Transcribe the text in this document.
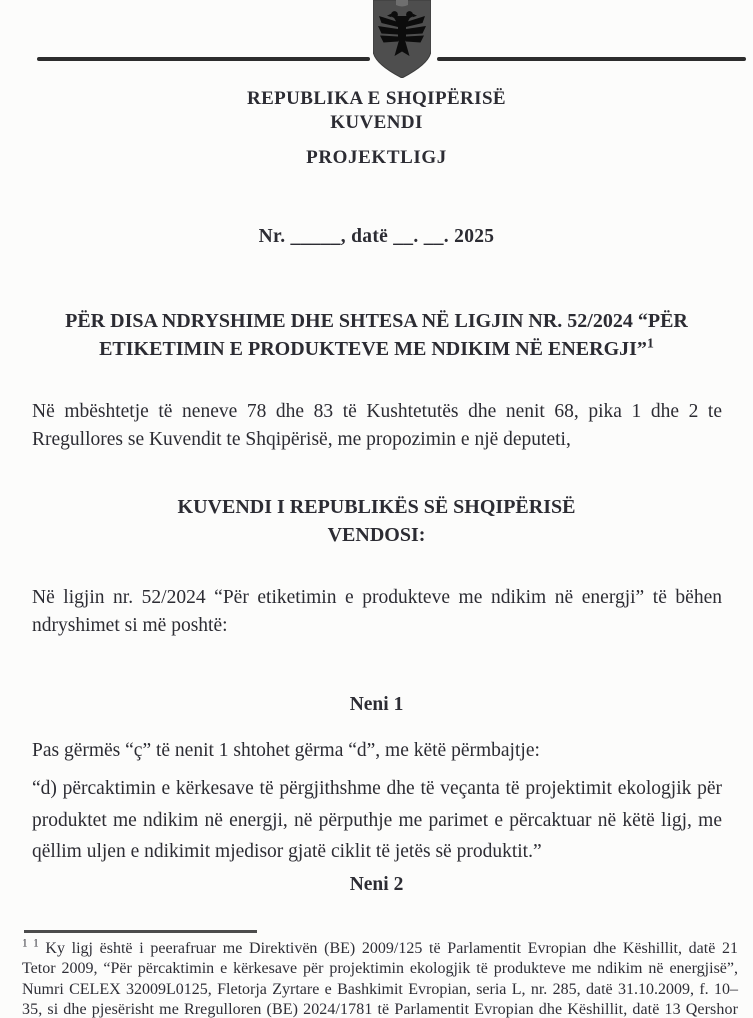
REPUBLIKA E SHQIPËRISË
KUVENDI
PROJEKTLIGJ
Nr. _____, datë __. __. 2025
PËR DISA NDRYSHIME DHE SHTESA NË LIGJIN NR. 52/2024 “PËR ETIKETIMIN E PRODUKTEVE ME NDIKIM NË ENERGJI”$^1$
Në mbështetje të neneve 78 dhe 83 të Kushtetutës dhe nenit 68, pika 1 dhe 2 te Rregullores se Kuvendit te Shqipërisë, me propozimin e një deputeti,
KUVENDI I REPUBLIKËS SË SHQIPËRISË
VENDOSI:
Në ligjin nr. 52/2024 “Për etiketimin e produkteve me ndikim në energji” të bëhen ndryshimet si më poshtë:
Neni 1
Pas gërmës “ç” të nenit 1 shtohet gërma “d”, me këtë përmbajtje:
“d) përcaktimin e kërkesave të përgjithshme dhe të veçanta të projektimit ekologjik për produktet me ndikim në energji, në përputhje me parimet e përcaktuar në këtë ligj, me qëllim uljen e ndikimit mjedisor gjatë ciklit të jetës së produktit.”
Neni 2
$^{1 1}$ Ky ligj është i peerafruar me Direktivën (BE) 2009/125 të Parlamentit Evropian dhe Këshillit, datë 21
Tetor 2009, “Për përcaktimin e kërkesave për projektimin ekologjik të produkteve me ndikim në energjisë”,
Numri CELEX 32009L0125, Fletorja Zyrtare e Bashkimit Evropian, seria L, nr. 285, datë 31.10.2009, f. 10–
35, si dhe pjesërisht me Rregulloren (BE) 2024/1781 të Parlamentit Evropian dhe Këshillit, datë 13 Qershor
